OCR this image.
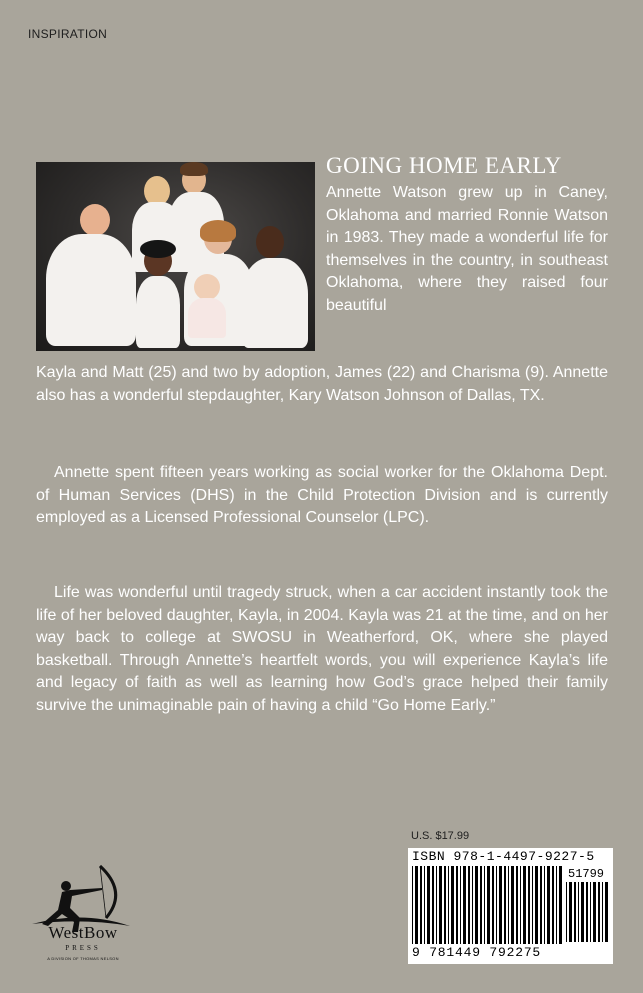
INSPIRATION
GOING HOME EARLY
Annette Watson grew up in Caney, Oklahoma and married Ronnie Watson in 1983. They made a wonderful life for themselves in the country, in southeast Oklahoma, where they raised four beautiful
Kayla and Matt (25) and two by adoption, James (22) and Charisma (9). Annette also has a wonderful stepdaughter, Kary Watson Johnson of Dallas, TX.
Annette spent fifteen years working as social worker for the Oklahoma Dept. of Human Services (DHS) in the Child Protection Division and is currently employed as a Licensed Professional Counselor (LPC).
Life was wonderful until tragedy struck, when a car accident instantly took the life of her beloved daughter, Kayla, in 2004. Kayla was 21 at the time, and on her way back to college at SWOSU in Weatherford, OK, where she played basketball. Through Annette’s heartfelt words, you will experience Kayla’s life and legacy of faith as well as learning how God’s grace helped their family survive the unimaginable pain of having a child “Go Home Early.”
U.S. $17.99
ISBN 978-1-4497-9227-5
51799
9 781449 792275
WestBow
PRESS
A DIVISION OF THOMAS NELSON
